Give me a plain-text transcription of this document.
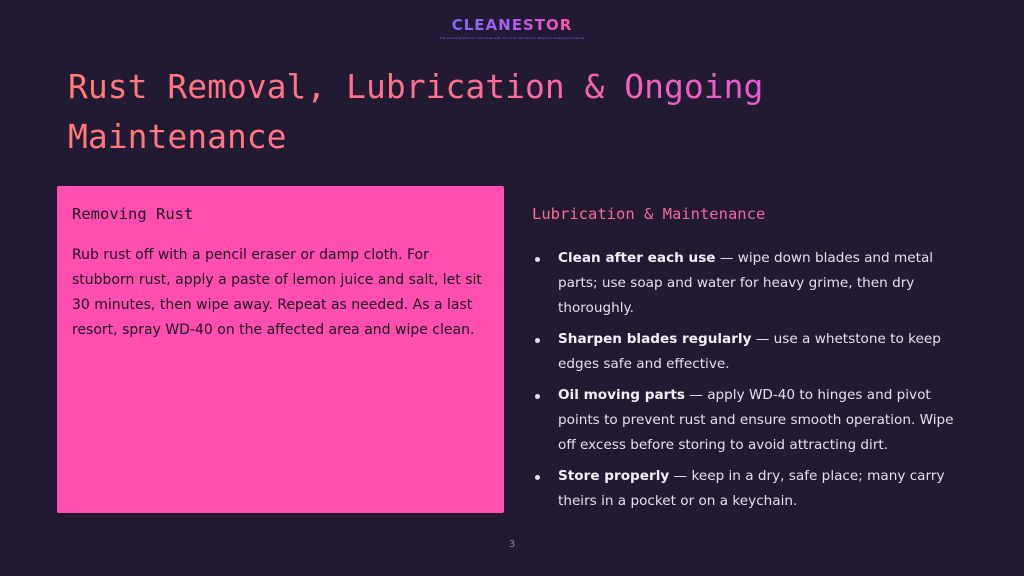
CLEANESTOR
The Cleaning Partner that Grew with You From Minimal to Maximal Cleaning Solutions
Rust Removal, Lubrication & Ongoing Maintenance
Removing Rust

Rub rust off with a pencil eraser or damp cloth. For stubborn rust, apply a paste of lemon juice and salt, let sit 30 minutes, then wipe away. Repeat as needed. As a last resort, spray WD-40 on the affected area and wipe clean.

Lubrication & Maintenance
Clean after each use — wipe down blades and metal parts; use soap and water for heavy grime, then dry thoroughly.
Sharpen blades regularly — use a whetstone to keep edges safe and effective.
Oil moving parts — apply WD-40 to hinges and pivot points to prevent rust and ensure smooth operation. Wipe off excess before storing to avoid attracting dirt.
Store properly — keep in a dry, safe place; many carry theirs in a pocket or on a keychain.
3
